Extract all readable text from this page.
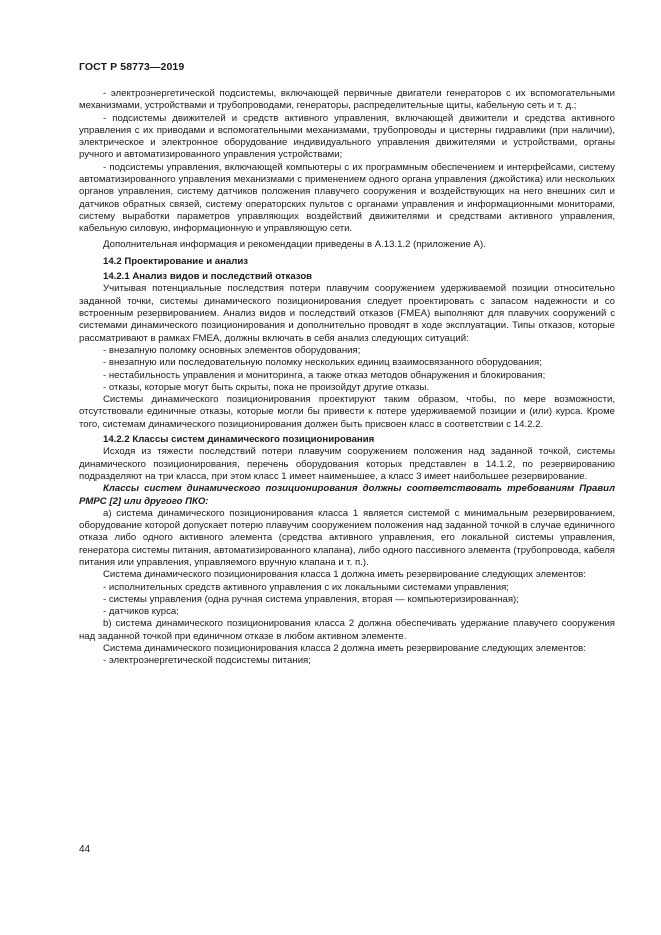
ГОСТ Р 58773—2019

- электроэнергетической подсистемы, включающей первичные двигатели генераторов с их вспомогательными механизмами, устройствами и трубопроводами, генераторы, распределительные щиты, кабельную сеть и т. д.;

- подсистемы движителей и средств активного управления, включающей движители и средства активного управления с их приводами и вспомогательными механизмами, трубопроводы и цистерны гидравлики (при наличии), электрическое и электронное оборудование индивидуального управления движителями и устройствами, органы ручного и автоматизированного управления устройствами;

- подсистемы управления, включающей компьютеры с их программным обеспечением и интерфейсами, систему автоматизированного управления механизмами с применением одного органа управления (джойстика) или нескольких органов управления, систему датчиков положения плавучего сооружения и воздействующих на него внешних сил и датчиков обратных связей, систему операторских пультов с органами управления и информационными мониторами, систему выработки параметров управляющих воздействий движителями и средствами активного управления, кабельную силовую, информационную и управляющую сети.

Дополнительная информация и рекомендации приведены в А.13.1.2 (приложение А).

14.2 Проектирование и анализ

14.2.1 Анализ видов и последствий отказов

Учитывая потенциальные последствия потери плавучим сооружением удерживаемой позиции относительно заданной точки, системы динамического позиционирования следует проектировать с запасом надежности и со встроенным резервированием. Анализ видов и последствий отказов (FMEA) выполняют для плавучих сооружений с системами динамического позиционирования и дополнительно проводят в ходе эксплуатации. Типы отказов, которые рассматривают в рамках FMEA, должны включать в себя анализ следующих ситуаций:

- внезапную поломку основных элементов оборудования;

- внезапную или последовательную поломку нескольких единиц взаимосвязанного оборудования;

- нестабильность управления и мониторинга, а также отказ методов обнаружения и блокирования;

- отказы, которые могут быть скрыты, пока не произойдут другие отказы.

Системы динамического позиционирования проектируют таким образом, чтобы, по мере возможности, отсутствовали единичные отказы, которые могли бы привести к потере удерживаемой позиции и (или) курса. Кроме того, системам динамического позиционирования должен быть присвоен класс в соответствии с 14.2.2.

14.2.2 Классы систем динамического позиционирования

Исходя из тяжести последствий потери плавучим сооружением положения над заданной точкой, системы динамического позиционирования, перечень оборудования которых представлен в 14.1.2, по резервированию подразделяют на три класса, при этом класс 1 имеет наименьшее, а класс 3 имеет наибольшее резервирование.

Классы систем динамического позиционирования должны соответствовать требованиям Правил РМРС [2] или другого ПКО:

а) система динамического позиционирования класса 1 является системой с минимальным резервированием, оборудование которой допускает потерю плавучим сооружением положения над заданной точкой в случае единичного отказа либо одного активного элемента (средства активного управления, его локальной системы управления, генератора системы питания, автоматизированного клапана), либо одного пассивного элемента (трубопровода, кабеля питания или управления, управляемого вручную клапана и т. п.).

Система динамического позиционирования класса 1 должна иметь резервирование следующих элементов:

- исполнительных средств активного управления с их локальными системами управления;

- системы управления (одна ручная система управления, вторая — компьютеризированная);

- датчиков курса;

b) система динамического позиционирования класса 2 должна обеспечивать удержание плавучего сооружения над заданной точкой при единичном отказе в любом активном элементе.

Система динамического позиционирования класса 2 должна иметь резервирование следующих элементов:

- электроэнергетической подсистемы питания;

44
